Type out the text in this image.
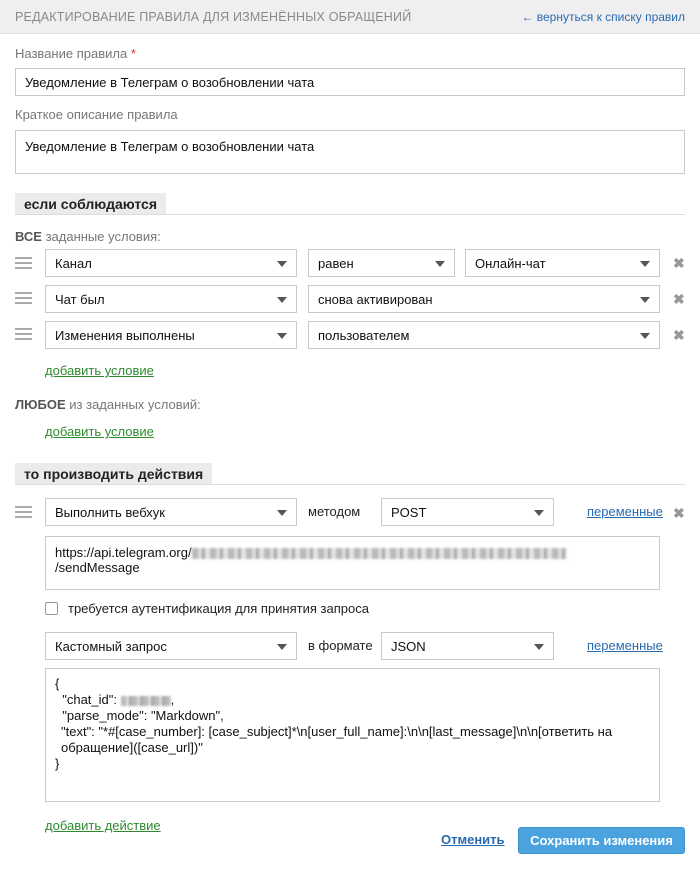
РЕДАКТИРОВАНИЕ ПРАВИЛА ДЛЯ ИЗМЕНЁННЫХ ОБРАЩЕНИЙ	← вернуться к списку правил
Название правила *
Уведомление в Телеграм о возобновлении чата
Краткое описание правила
Уведомление в Телеграм о возобновлении чата
если соблюдаются
ВСЕ заданные условия:
Канал	равен	Онлайн-чат	✖
Чат был	снова активирован	✖
Изменения выполнены	пользователем	✖
добавить условие
ЛЮБОЕ из заданных условий:
добавить условие
то производить действия
Выполнить вебхук	методом	POST	переменные ✖
https://api.telegram.org//sendMessage
требуется аутентификация для принятия запроса
Кастомный запрос	в формате	JSON	переменные
{
"chat_id":	,
"parse_mode": "Markdown",
"text": "*#[case_number]: [case_subject]*\n[user_full_name]:\n\n[last_message]\n\n[ответить на обращение]([case_url])"
}
добавить действие
Отменить	Сохранить изменения
